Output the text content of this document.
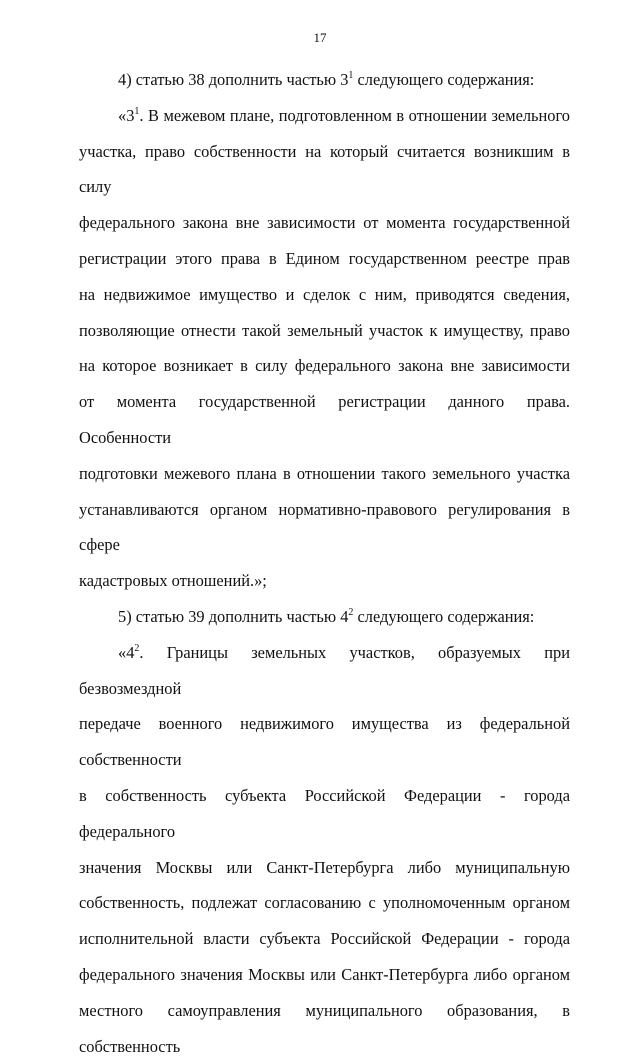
17
4) статью 38 дополнить частью $3^1$ следующего содержания:

«$3^1$. В межевом плане, подготовленном в отношении земельного
участка, право собственности на который считается возникшим в силу
федерального закона вне зависимости от момента государственной
регистрации этого права в Едином государственном реестре прав
на недвижимое имущество и сделок с ним, приводятся сведения,
позволяющие отнести такой земельный участок к имуществу, право
на которое возникает в силу федерального закона вне зависимости
от момента государственной регистрации данного права. Особенности
подготовки межевого плана в отношении такого земельного участка
устанавливаются органом нормативно-правового регулирования в сфере
кадастровых отношений.»;

5) статью 39 дополнить частью $4^2$ следующего содержания:

«$4^2$. Границы земельных участков, образуемых при безвозмездной
передаче военного недвижимого имущества из федеральной собственности
в собственность субъекта Российской Федерации - города федерального
значения Москвы или Санкт-Петербурга либо муниципальную
собственность, подлежат согласованию с уполномоченным органом
исполнительной власти субъекта Российской Федерации - города
федерального значения Москвы или Санкт-Петербурга либо органом
местного самоуправления муниципального образования, в собственность
